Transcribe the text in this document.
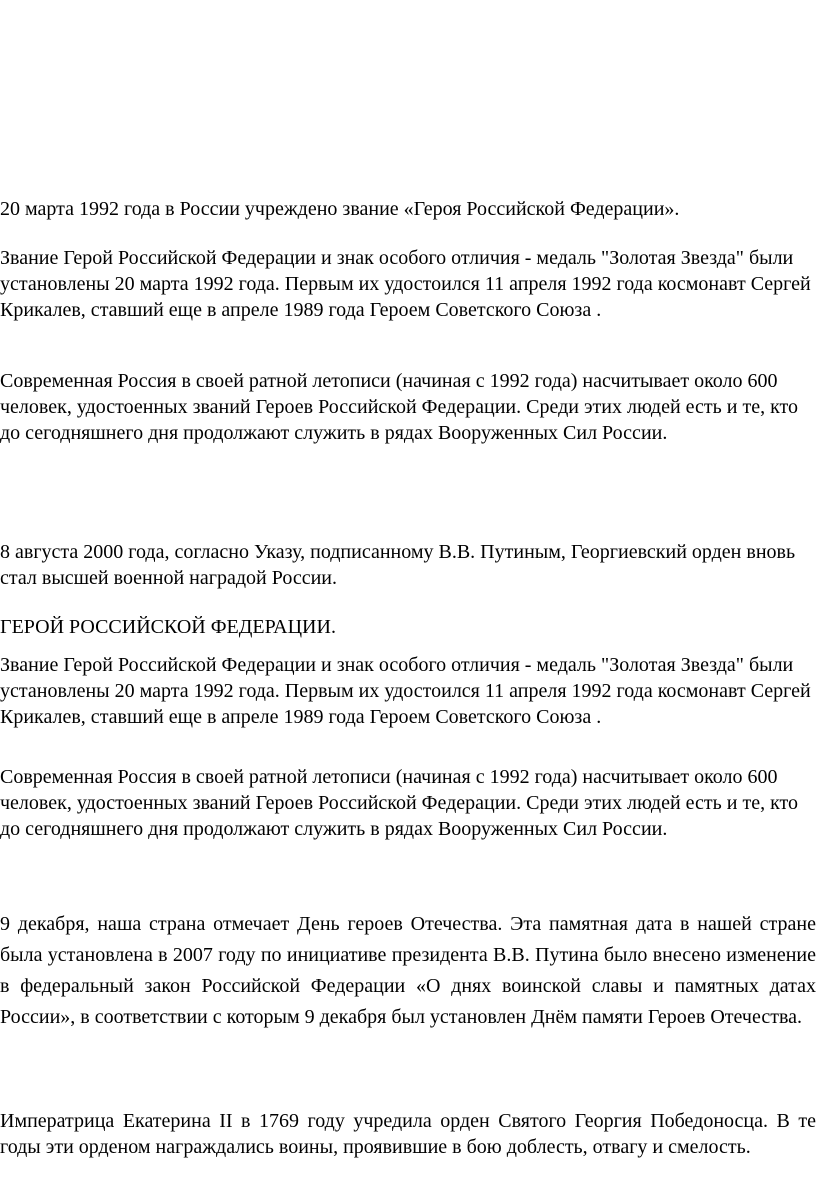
20 марта 1992 года в России учреждено звание «Героя Российской Федерации».

Звание Герой Российской Федерации и знак особого отличия - медаль "Золотая Звезда" были установлены 20 марта 1992 года. Первым их удостоился 11 апреля 1992 года космонавт Сергей Крикалев, ставший еще в апреле 1989 года Героем Советского Союза .

Современная Россия в своей ратной летописи (начиная с 1992 года) насчитывает около 600 человек, удостоенных званий Героев Российской Федерации. Среди этих людей есть и те, кто до сегодняшнего дня продолжают служить в рядах Вооруженных Сил России.

8 августа 2000 года, согласно Указу, подписанному В.В. Путиным, Георгиевский орден вновь стал высшей военной наградой России.

ГЕРОЙ РОССИЙСКОЙ ФЕДЕРАЦИИ.

Звание Герой Российской Федерации и знак особого отличия - медаль "Золотая Звезда" были установлены 20 марта 1992 года. Первым их удостоился 11 апреля 1992 года космонавт Сергей Крикалев, ставший еще в апреле 1989 года Героем Советского Союза .

Современная Россия в своей ратной летописи (начиная с 1992 года) насчитывает около 600 человек, удостоенных званий Героев Российской Федерации. Среди этих людей есть и те, кто до сегодняшнего дня продолжают служить в рядах Вооруженных Сил России.

9 декабря, наша страна отмечает День героев Отечества. Эта памятная дата в нашей стране была установлена в 2007 году по инициативе президента В.В. Путина было внесено изменение в федеральный закон Российской Федерации «О днях воинской славы и памятных датах России», в соответствии с которым 9 декабря был установлен Днём памяти Героев Отечества.

Императрица Екатерина II в 1769 году учредила орден Святого Георгия Победоносца. В те годы эти орденом награждались воины, проявившие в бою доблесть, отвагу и смелость.
